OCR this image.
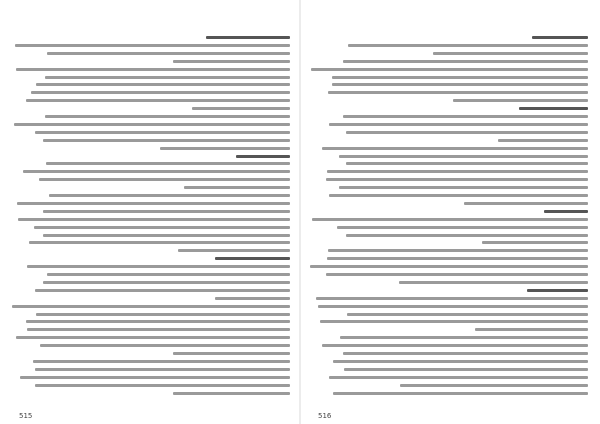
515	516
